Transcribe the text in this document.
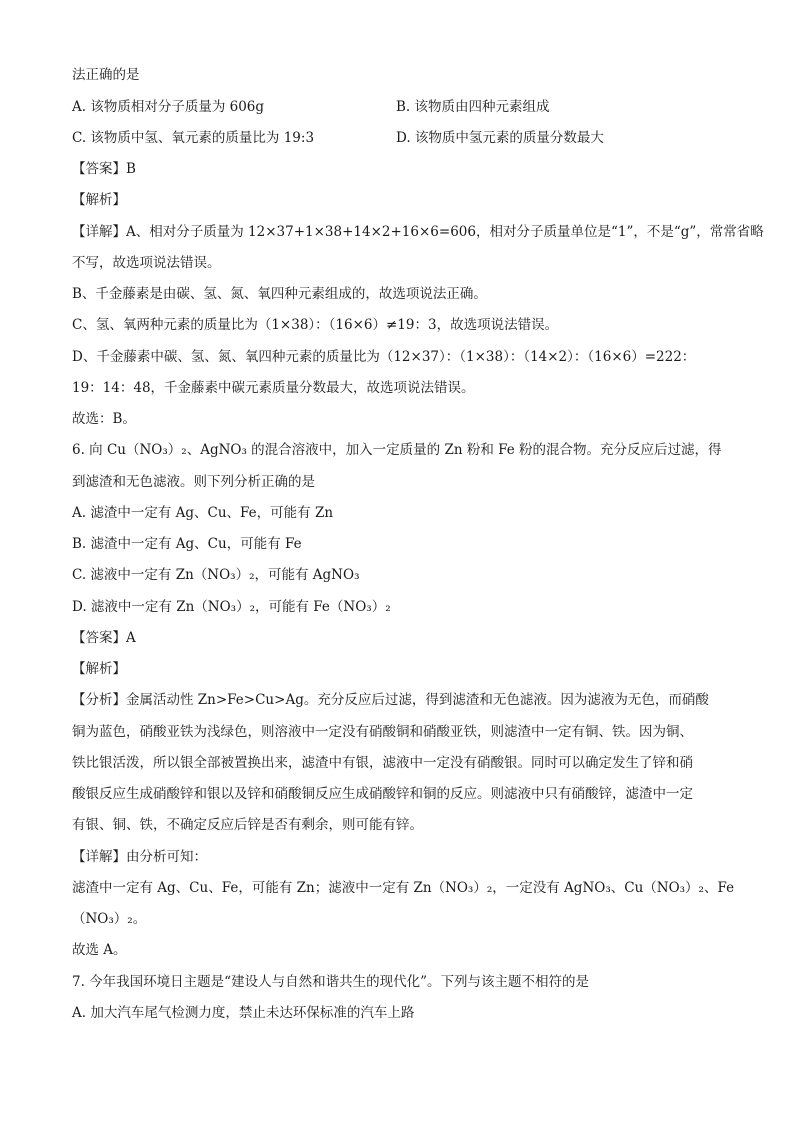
法正确的是
A. 该物质相对分子质量为 606g	B. 该物质由四种元素组成
C. 该物质中氢、氧元素的质量比为 19:3	D. 该物质中氢元素的质量分数最大
【答案】B
【解析】
【详解】A、相对分子质量为 12×37+1×38+14×2+16×6=606，相对分子质量单位是“1”，不是“g”，常常省略
不写，故选项说法错误。
B、千金藤素是由碳、氢、氮、氧四种元素组成的，故选项说法正确。
C、氢、氧两种元素的质量比为（1×38）：（16×6）≠19：3，故选项说法错误。
D、千金藤素中碳、氢、氮、氧四种元素的质量比为（12×37）：（1×38）：（14×2）：（16×6）=222：
19：14：48，千金藤素中碳元素质量分数最大，故选项说法错误。
故选：B。
6. 向 Cu（NO₃）₂、AgNO₃ 的混合溶液中，加入一定质量的 Zn 粉和 Fe 粉的混合物。充分反应后过滤，得
到滤渣和无色滤液。则下列分析正确的是
A. 滤渣中一定有 Ag、Cu、Fe，可能有 Zn
B. 滤渣中一定有 Ag、Cu，可能有 Fe
C. 滤液中一定有 Zn（NO₃）₂，可能有 AgNO₃
D. 滤液中一定有 Zn（NO₃）₂，可能有 Fe（NO₃）₂
【答案】A
【解析】
【分析】金属活动性 Zn>Fe>Cu>Ag。充分反应后过滤，得到滤渣和无色滤液。因为滤液为无色，而硝酸
铜为蓝色，硝酸亚铁为浅绿色，则溶液中一定没有硝酸铜和硝酸亚铁，则滤渣中一定有铜、铁。因为铜、
铁比银活泼，所以银全部被置换出来，滤渣中有银，滤液中一定没有硝酸银。同时可以确定发生了锌和硝
酸银反应生成硝酸锌和银以及锌和硝酸铜反应生成硝酸锌和铜的反应。则滤液中只有硝酸锌，滤渣中一定
有银、铜、铁，不确定反应后锌是否有剩余，则可能有锌。
【详解】由分析可知：
滤渣中一定有 Ag、Cu、Fe，可能有 Zn；滤液中一定有 Zn（NO₃）₂，一定没有 AgNO₃、Cu（NO₃）₂、Fe
（NO₃）₂。
故选 A。
7. 今年我国环境日主题是“建设人与自然和谐共生的现代化”。下列与该主题不相符的是
A. 加大汽车尾气检测力度，禁止未达环保标准的汽车上路
